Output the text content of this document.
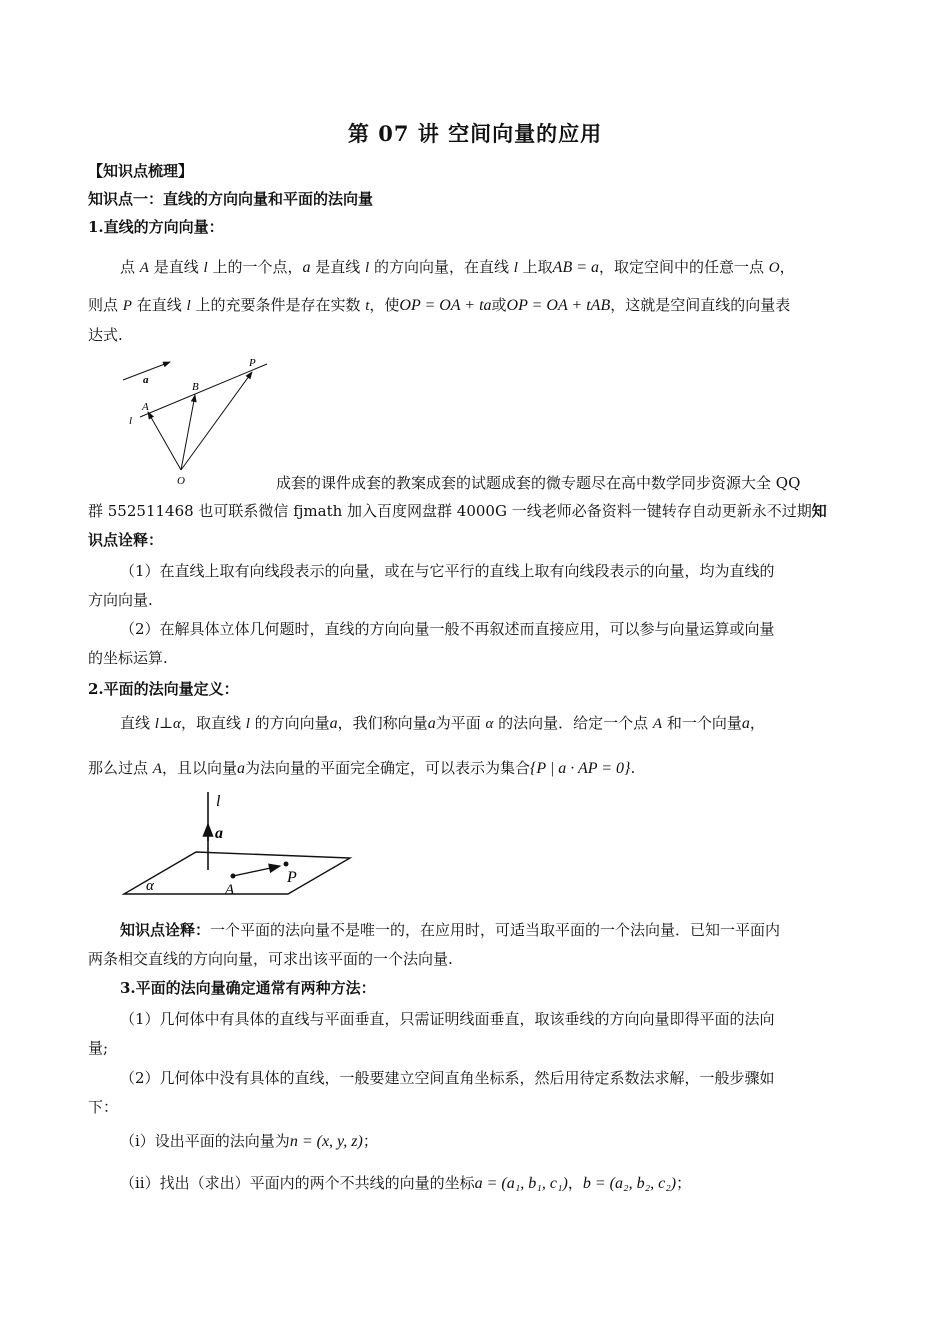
第 07 讲 空间向量的应用
【知识点梳理】
知识点一：直线的方向向量和平面的法向量
1.直线的方向向量：
点 A 是直线 l 上的一个点，a 是直线 l 的方向向量，在直线 l 上取AB = a，取定空间中的任意一点 O，
则点 P 在直线 l 上的充要条件是存在实数 t，使OP = OA + ta或OP = OA + tAB，这就是空间直线的向量表
达式.
a
B
P
A
l
O	成套的课件成套的教案成套的试题成套的微专题尽在高中数学同步资源大全 QQ
群 552511468 也可联系微信 fjmath 加入百度网盘群 4000G 一线老师必备资料一键转存自动更新永不过期知
识点诠释：
（1）在直线上取有向线段表示的向量，或在与它平行的直线上取有向线段表示的向量，均为直线的
方向向量.
（2）在解具体立体几何题时，直线的方向向量一般不再叙述而直接应用，可以参与向量运算或向量
的坐标运算.
2.平面的法向量定义：
直线 l⊥α，取直线 l 的方向向量a，我们称向量a为平面 α 的法向量．给定一个点 A 和一个向量a，
那么过点 A，且以向量a为法向量的平面完全确定，可以表示为集合{P | a · AP = 0}.
l
a
α	A
P
知识点诠释：一个平面的法向量不是唯一的，在应用时，可适当取平面的一个法向量．已知一平面内
两条相交直线的方向向量，可求出该平面的一个法向量.
3.平面的法向量确定通常有两种方法：
（1）几何体中有具体的直线与平面垂直，只需证明线面垂直，取该垂线的方向向量即得平面的法向
量;
（2）几何体中没有具体的直线，一般要建立空间直角坐标系，然后用待定系数法求解，一般步骤如
下：
（i）设出平面的法向量为n = (x, y, z)；
（ii）找出（求出）平面内的两个不共线的向量的坐标a = (a₁, b₁, c₁)，b = (a₂, b₂, c₂)；
